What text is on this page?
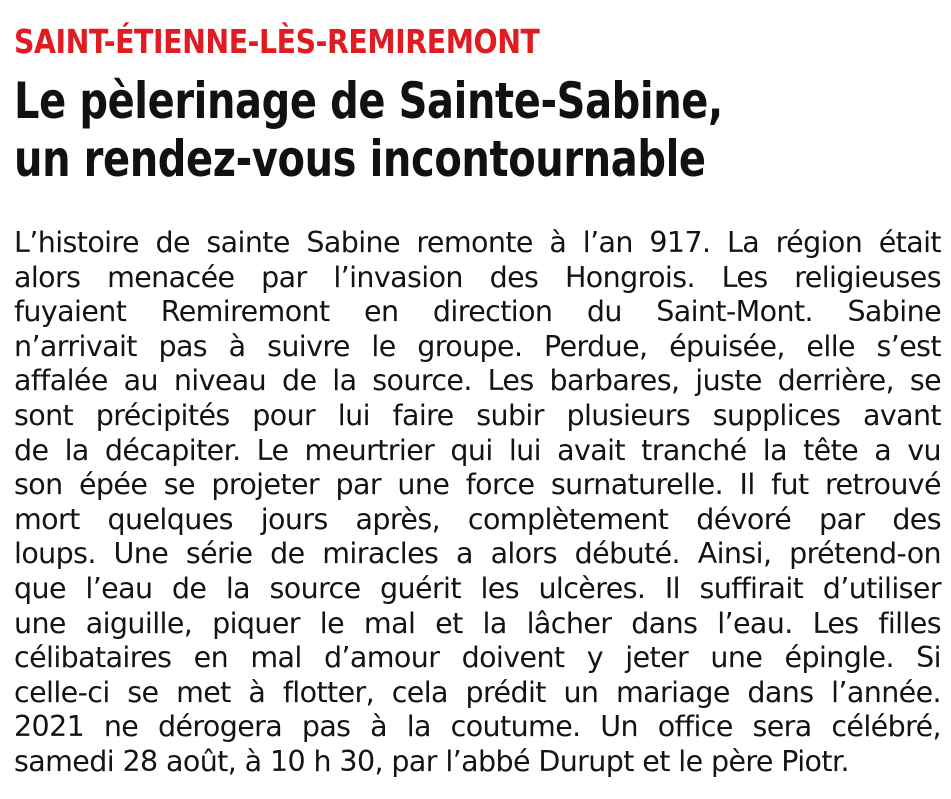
SAINT-ÉTIENNE-LÈS-REMIREMONT
Le pèlerinage de Sainte-Sabine,
un rendez-vous incontournable
L’histoire de sainte Sabine remonte à l’an 917. La région était
alors menacée par l’invasion des Hongrois. Les religieuses
fuyaient Remiremont en direction du Saint-Mont. Sabine
n’arrivait pas à suivre le groupe. Perdue, épuisée, elle s’est
affalée au niveau de la source. Les barbares, juste derrière, se
sont précipités pour lui faire subir plusieurs supplices avant
de la décapiter. Le meurtrier qui lui avait tranché la tête a vu
son épée se projeter par une force surnaturelle. Il fut retrouvé
mort quelques jours après, complètement dévoré par des
loups. Une série de miracles a alors débuté. Ainsi, prétend-on
que l’eau de la source guérit les ulcères. Il suffirait d’utiliser
une aiguille, piquer le mal et la lâcher dans l’eau. Les filles
célibataires en mal d’amour doivent y jeter une épingle. Si
celle-ci se met à flotter, cela prédit un mariage dans l’année.
2021 ne dérogera pas à la coutume. Un office sera célébré,
samedi 28 août, à 10 h 30, par l’abbé Durupt et le père Piotr.
